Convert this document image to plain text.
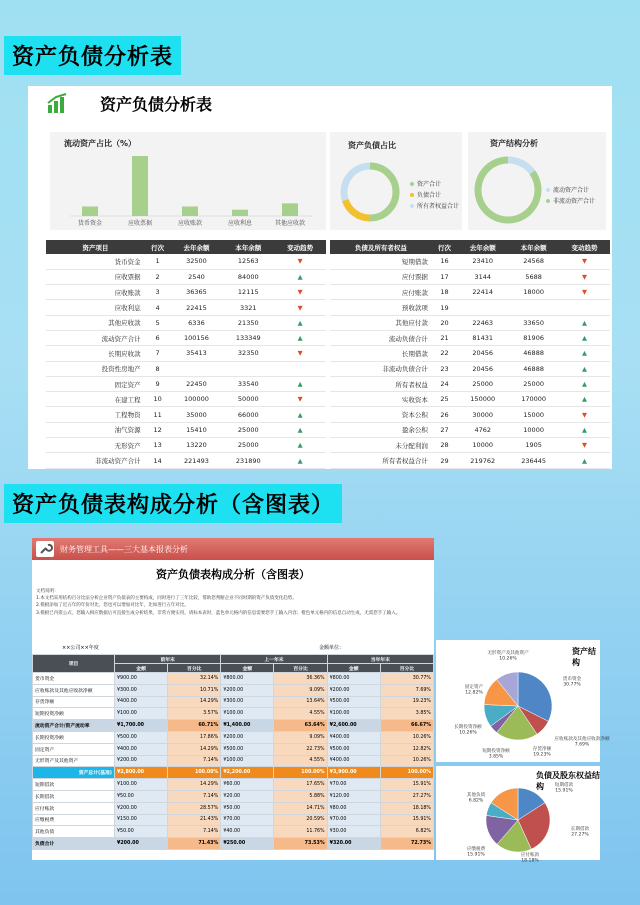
资产负债分析表
资产负债分析表
流动资产占比（%）
货币资金	应收票据	应收账款	应收利息	其他应收款
资产负债占比
资产合计
负债合计
所有者权益合计
资产结构分析
流动资产合计
非流动资产合计
资产项目	行次	去年余额	本年余额	变动趋势
货币资金	1	32500	12563	▼
应收票据	2	2540	84000	▲
应收账款	3	36365	12115	▼
应收利息	4	22415	3321	▼
其他应收款	5	6336	21350	▲
流动资产合计	6	100156	133349	▲
长期应收款	7	35413	32350	▼
投资性房地产	8			
固定资产	9	22450	33540	▲
在建工程	10	100000	50000	▼
工程物资	11	35000	66000	▲
油气资源	12	15410	25000	▲
无形资产	13	13220	25000	▲
非流动资产合计	14	221493	231890	▲
负债及所有者权益	行次	去年余额	本年余额	变动趋势
短期借款	16	23410	24568	▼
应付票据	17	3144	5688	▼
应付账款	18	22414	18000	▼
预收款项	19			
其他应付款	20	22463	33650	▲
流动负债合计	21	81431	81906	▲
长期借款	22	20456	46888	▲
非流动负债合计	23	20456	46888	▲
所有者权益	24	25000	25000	▲
实收资本	25	150000	170000	▲
资本公积	26	30000	15000	▼
盈余公积	27	4762	10000	▲
未分配利润	28	10000	1905	▼
所有者权益合计	29	219762	236445	▲
资产负债表构成分析（含图表）
财务管理工具——三大基本报表分析
资产负债表构成分析（含图表）
文档说明：
1.本文档采用结构百分比法分析企业资产负债表的主要构成，同时进行了三年比较，帮助您判断企业不同时期的资产负债变化趋势。
2.模板添加了近五年的年份对比，您也可以增加对比年，比如进行五年对比。
3.模板已内嵌公式，您输入相应数据后可直接生成分析结果，非常方便实用。请标本表时，蓝色单元格内的信息需要您手工输入内容；橙色单元格内的信息自动生成，无需您手工输入。
××公司××年度	金额单位：
项目	前年末		上一年末		当年年末	
	金额	百分比	金额	百分比	金额	百分比
货币资金	¥900.00	32.14%	¥800.00	36.36%	¥800.00	30.77%
应收账款及其他应收款净额	¥300.00	10.71%	¥200.00	9.09%	¥200.00	7.69%
存货净额	¥400.00	14.29%	¥300.00	13.64%	¥500.00	19.23%
短期投资净额	¥100.00	3.57%	¥100.00	4.55%	¥100.00	3.85%
流动资产合计/资产流动率	¥1,700.00	60.71%	¥1,400.00	63.64%	¥2,600.00	66.67%
长期投资净额	¥500.00	17.86%	¥200.00	9.09%	¥400.00	10.26%
固定资产	¥400.00	14.29%	¥500.00	22.73%	¥500.00	12.82%
无形资产及其他资产	¥200.00	7.14%	¥100.00	4.55%	¥400.00	10.26%
资产总计(基准)	¥2,800.00	100.00%	¥2,200.00	100.00%	¥3,900.00	100.00%
短期借款	¥100.00	14.29%	¥60.00	17.65%	¥70.00	15.91%
长期借款	¥50.00	7.14%	¥20.00	5.88%	¥120.00	27.27%
应付账款	¥200.00	28.57%	¥50.00	14.71%	¥80.00	18.18%
应缴税费	¥150.00	21.43%	¥70.00	20.59%	¥70.00	15.91%
其他负债	¥50.00	7.14%	¥40.00	11.76%	¥30.00	6.82%
负债合计	¥200.00	71.43%	¥250.00	73.53%	¥320.00	72.73%
资产结构
货币资金 30.77%
应收账款及其他应收款净额 7.69%
存货净额 19.23%
短期投资净额 3.85%
长期投资净额 10.26%
固定资产 12.82%
无形资产及其他资产 10.26%
负债及股东权益结构	短期借款 15.91%
长期借款 27.27%
应付账款 18.18%
应缴税费 15.91%
其他负债 6.82%
